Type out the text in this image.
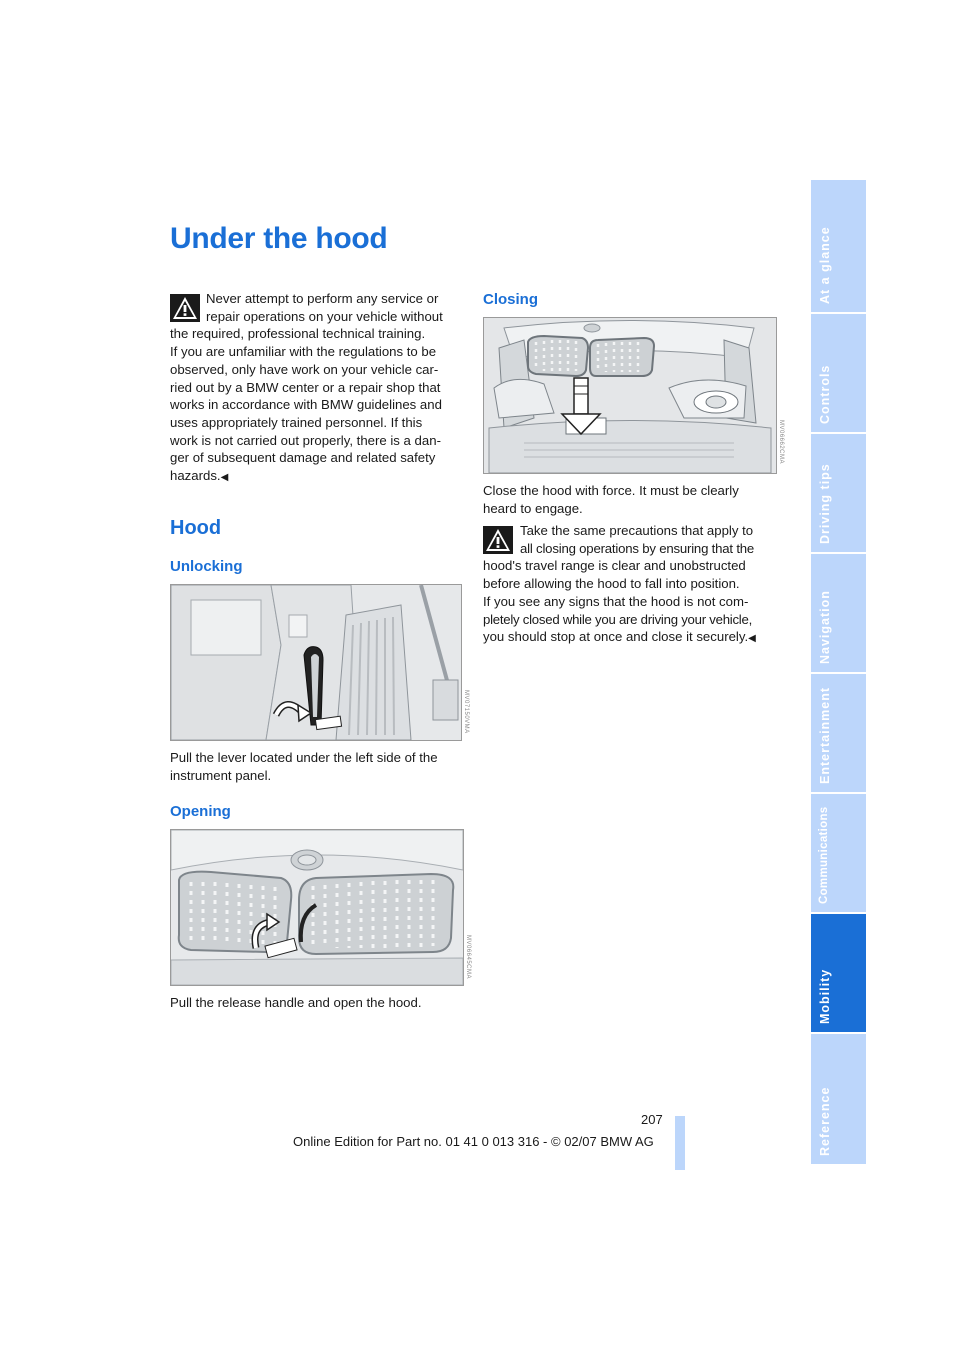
Under the hood

Never attempt to perform any service or

repair operations on your vehicle without

the required, professional technical training.

If you are unfamiliar with the regulations to be

observed, only have work on your vehicle car-

ried out by a BMW center or a repair shop that

works in accordance with BMW guidelines and

uses appropriately trained personnel. If this

work is not carried out properly, there is a dan-

ger of subsequent damage and related safety

hazards.◀

Hood
Unlocking
MV07150VMA

Pull the lever located under the left side of the

instrument panel.

Opening
MV06645CMA
Pull the release handle and open the hood.
Closing
MV06662CMA

Close the hood with force. It must be clearly

heard to engage.

Take the same precautions that apply to

all closing operations by ensuring that the

hood's travel range is clear and unobstructed

before allowing the hood to fall into position.

If you see any signs that the hood is not com-

pletely closed while you are driving your vehicle,

you should stop at once and close it securely.◀

At a glance
Controls
Driving tips
Navigation
Entertainment
Communications
Mobility
Reference
207
Online Edition for Part no. 01 41 0 013 316 - © 02/07 BMW AG
